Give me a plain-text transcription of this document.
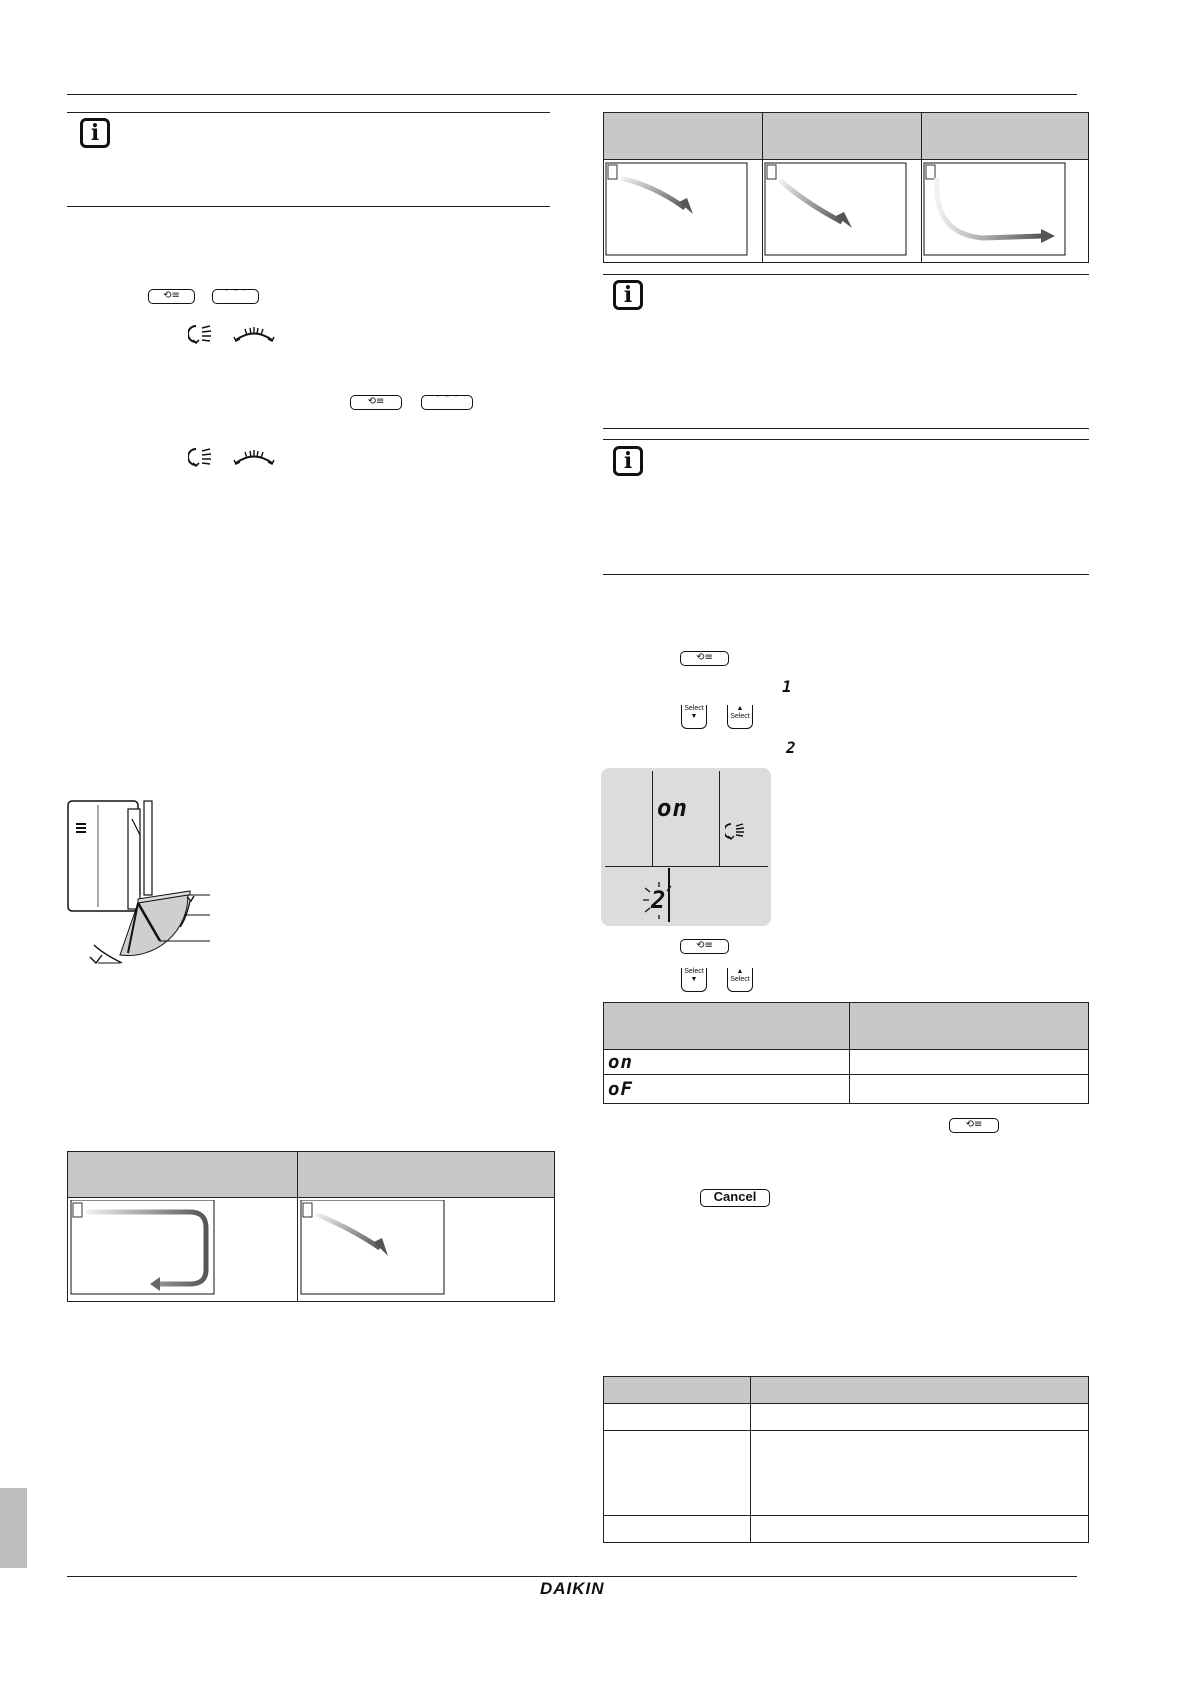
i
⟲≡	⌒⌒
⟲≡	⌒⌒
i
i
⟲≡
1
Select
▼
▲
Select
2
on
2
⟲≡
Select
▼
▲
Select

on	
oF	
⟲≡
Cancel

DAIKIN
